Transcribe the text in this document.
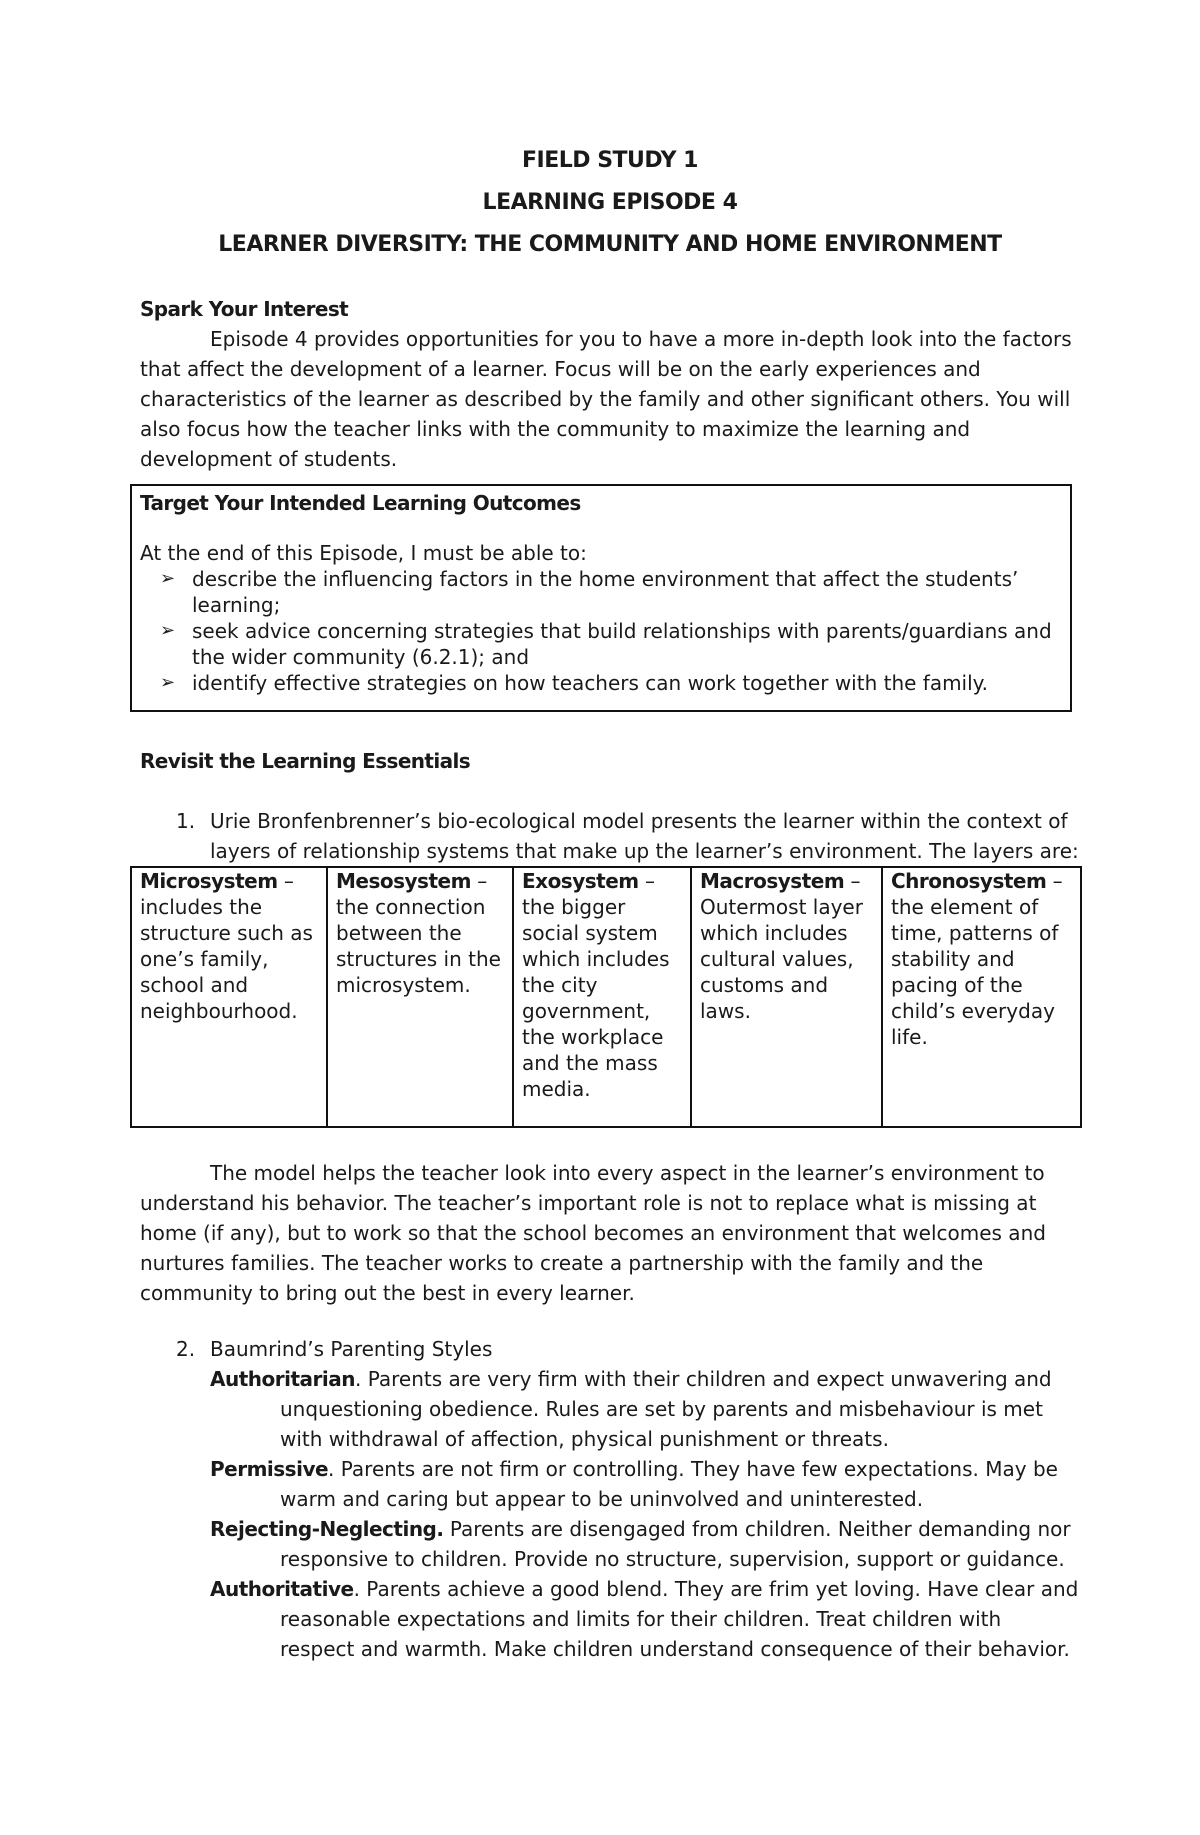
FIELD STUDY 1
LEARNING EPISODE 4
LEARNER DIVERSITY: THE COMMUNITY AND HOME ENVIRONMENT
Spark Your Interest
Episode 4 provides opportunities for you to have a more in-depth look into the factors that affect the development of a learner. Focus will be on the early experiences and characteristics of the learner as described by the family and other significant others. You will also focus how the teacher links with the community to maximize the learning and development of students.
Target Your Intended Learning Outcomes
At the end of this Episode, I must be able to:
➢ describe the influencing factors in the home environment that affect the students’ learning;
➢ seek advice concerning strategies that build relationships with parents/guardians and the wider community (6.2.1); and
➢ identify effective strategies on how teachers can work together with the family.
Revisit the Learning Essentials
1. Urie Bronfenbrenner’s bio-ecological model presents the learner within the context of layers of relationship systems that make up the learner’s environment. The layers are:
Microsystem – includes the structure such as one’s family, school and neighbourhood.	Mesosystem – the connection between the structures in the microsystem.	Exosystem – the bigger social system which includes the city government, the workplace and the mass media.	Macrosystem – Outermost layer which includes cultural values, customs and laws.	Chronosystem – the element of time, patterns of stability and pacing of the child’s everyday life.
The model helps the teacher look into every aspect in the learner’s environment to understand his behavior. The teacher’s important role is not to replace what is missing at home (if any), but to work so that the school becomes an environment that welcomes and nurtures families. The teacher works to create a partnership with the family and the community to bring out the best in every learner.
2. Baumrind’s Parenting Styles
Authoritarian. Parents are very firm with their children and expect unwavering and unquestioning obedience. Rules are set by parents and misbehaviour is met with withdrawal of affection, physical punishment or threats.
Permissive. Parents are not firm or controlling. They have few expectations. May be warm and caring but appear to be uninvolved and uninterested.
Rejecting-Neglecting. Parents are disengaged from children. Neither demanding nor responsive to children. Provide no structure, supervision, support or guidance.
Authoritative. Parents achieve a good blend. They are frim yet loving. Have clear and reasonable expectations and limits for their children. Treat children with respect and warmth. Make children understand consequence of their behavior.
